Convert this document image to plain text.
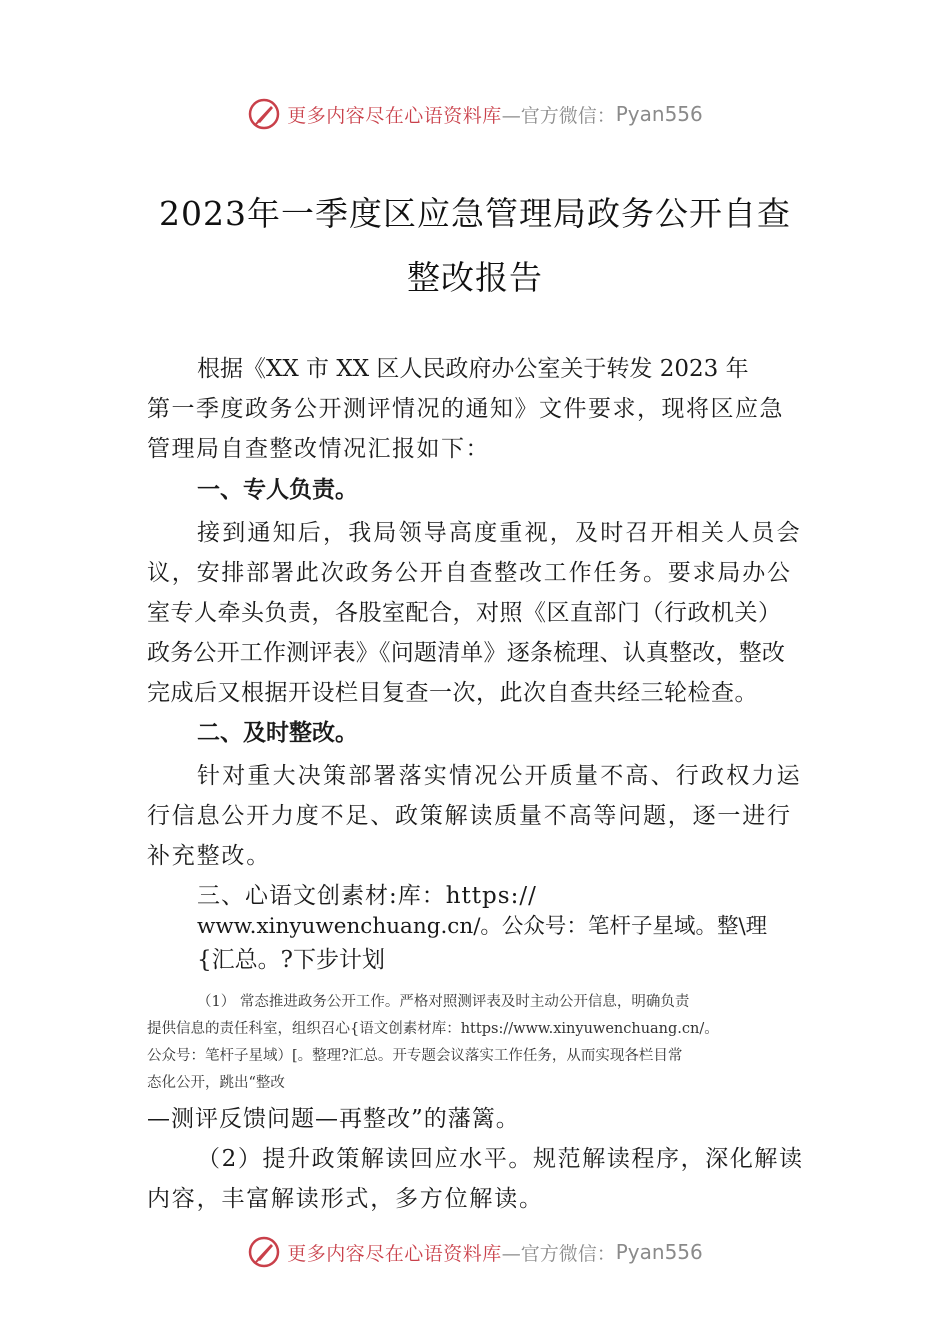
更多内容尽在心语资料库 —官方微信： Pyan556
2023年一季度区应急管理局政务公开自查
整改报告
根据《XX 市 XX 区人民政府办公室关于转发 2023 年
第一季度政务公开测评情况的通知》文件要求，现将区应急
管理局自查整改情况汇报如下：
一、专人负责。
接到通知后，我局领导高度重视，及时召开相关人员会
议，安排部署此次政务公开自查整改工作任务。要求局办公
室专人牵头负责，各股室配合，对照《区直部门（行政机关）
政务公开工作测评表》《问题清单》逐条梳理、认真整改，整改
完成后又根据开设栏目复查一次，此次自查共经三轮检查。
二、及时整改。
针对重大决策部署落实情况公开质量不高、行政权力运
行信息公开力度不足、政策解读质量不高等问题，逐一进行
补充整改。
三、心语文创素材:库：https://
www.xinyuwenchuang.cn/。公众号：笔杆子星域。整\理
{汇总。?下步计划
（1） 常态推进政务公开工作。严格对照测评表及时主动公开信息，明确负责
提供信息的责任科室，组织召心{语文创素材库：https://www.xinyuwenchuang.cn/。
公众号：笔杆子星域）[。整理?汇总。开专题会议落实工作任务，从而实现各栏目常
态化公开，跳出“整改
—测评反馈问题—再整改”的藩篱。
（2）提升政策解读回应水平。规范解读程序，深化解读
内容，丰富解读形式，多方位解读。
更多内容尽在心语资料库 —官方微信： Pyan556
